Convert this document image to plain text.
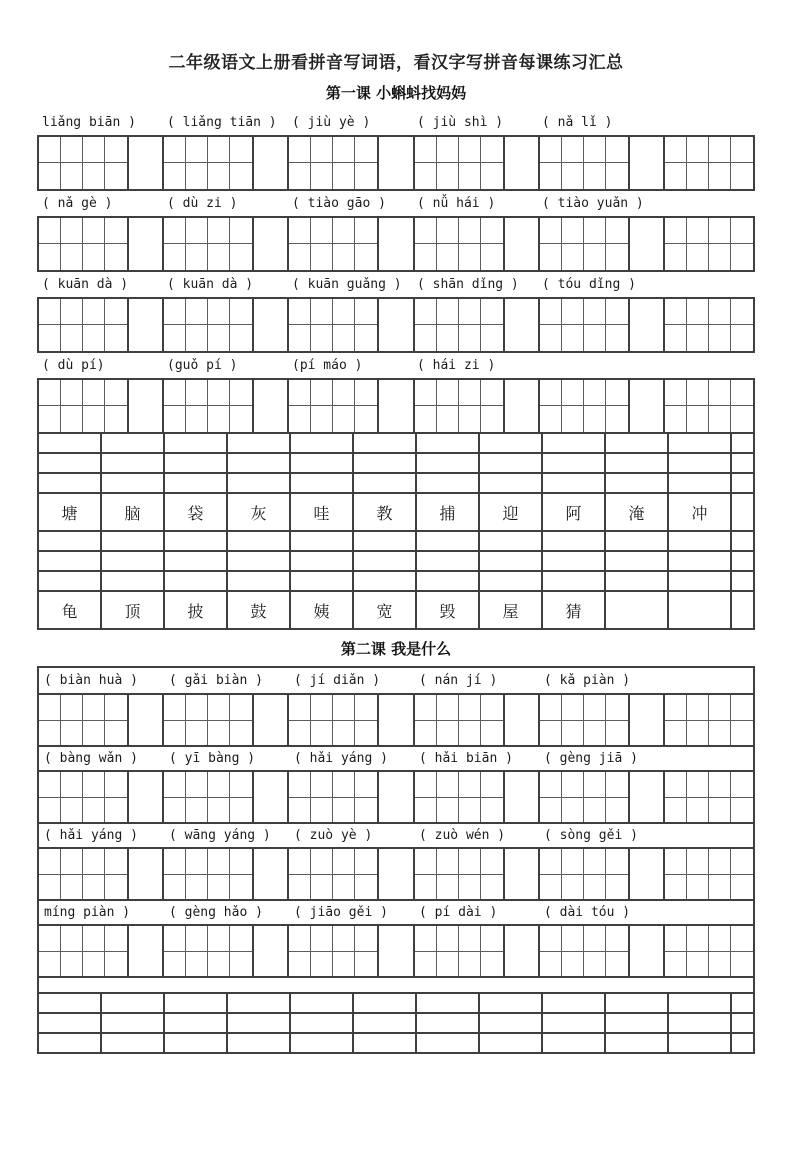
二年级语文上册看拼音写词语，看汉字写拼音每课练习汇总
第一课 小蝌蚪找妈妈
liǎng biān )	( liǎng tiān )	( jiù yè )	( jiù shì )	( nǎ lǐ )
( nǎ gè )	( dù zi )	( tiào gāo )	( nǚ hái )	( tiào yuǎn )
( kuān dà )	( kuān dà )	( kuān guǎng )	( shān dǐng )	( tóu dǐng )
( dù pí)	(guǒ pí )	(pí máo )	( hái zi )
塘	脑	袋	灰	哇	教	捕	迎	阿	淹	冲
龟	顶	披	鼓	姨	宽	毁	屋	猜
第二课 我是什么
( biàn huà )	( gǎi biàn )	( jí diǎn )	( nán jí )	( kǎ piàn )
( bàng wǎn )	( yī bàng )	( hǎi yáng )	( hǎi biān )	( gèng jiā )
( hǎi yáng )	( wāng yáng )	( zuò yè )	( zuò wén )	( sòng gěi )
míng piàn )	( gèng hǎo )	( jiāo gěi )	( pí dài )	( dài tóu )
